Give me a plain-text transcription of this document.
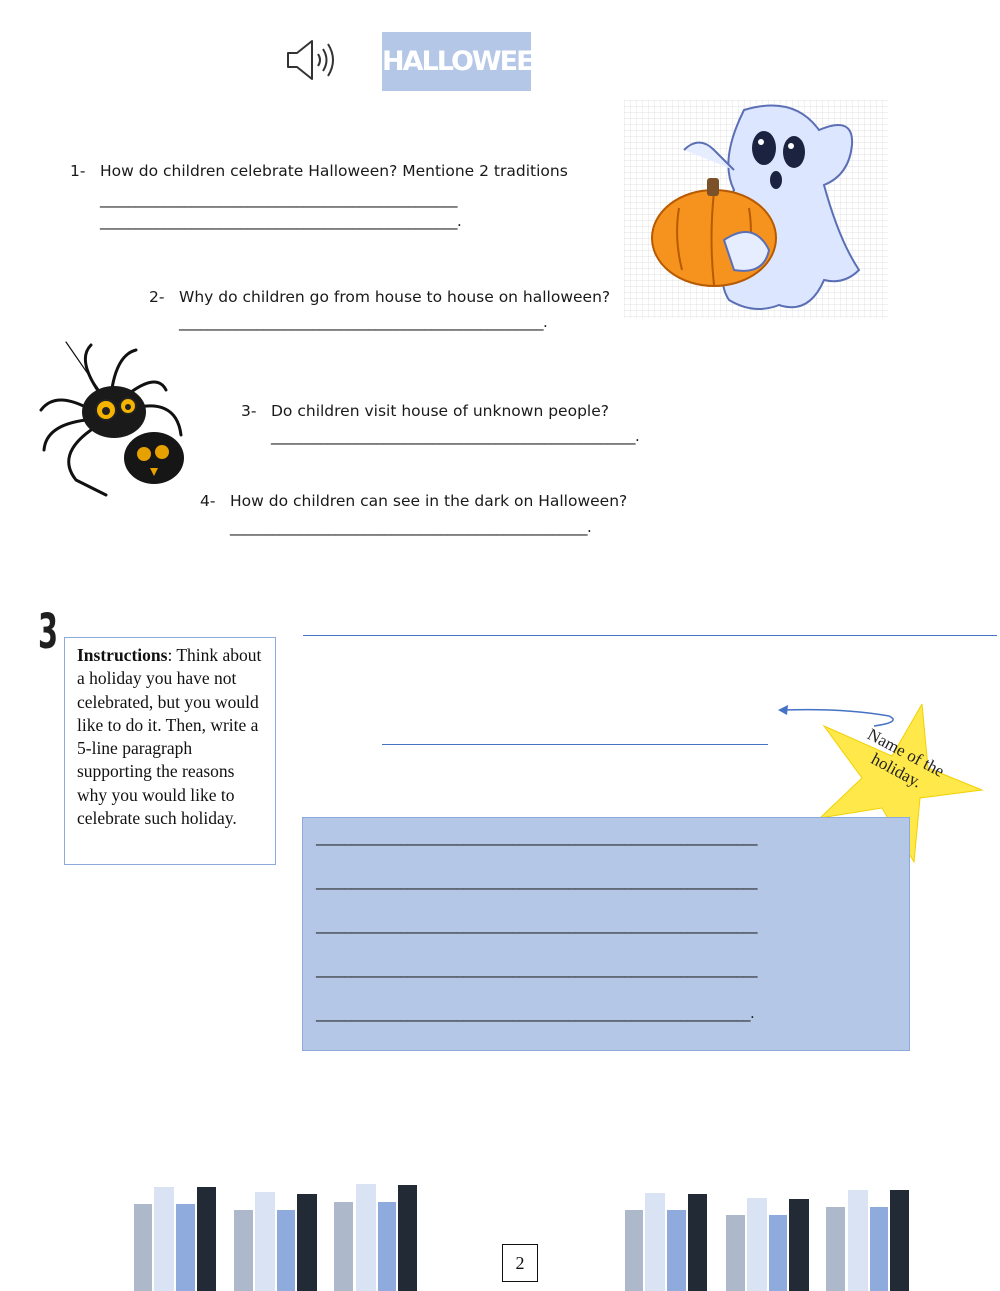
HALLOWEEN
1- How do children celebrate Halloween? Mentione 2 traditions
___________________________________________________
___________________________________________________.
2- Why do children go from house to house on halloween?
____________________________________________________.
3- Do children visit house of unknown people?
____________________________________________________.
4- How do children can see in the dark on Halloween?
___________________________________________________.
3	Instructions: Think about a holiday you have not celebrated, but you would like to do it. Then, write a 5-line paragraph supporting the reasons why you would like to celebrate such holiday.
Name of the holiday.
_______________________________________________________________
_______________________________________________________________
_______________________________________________________________
_______________________________________________________________
______________________________________________________________.
2
